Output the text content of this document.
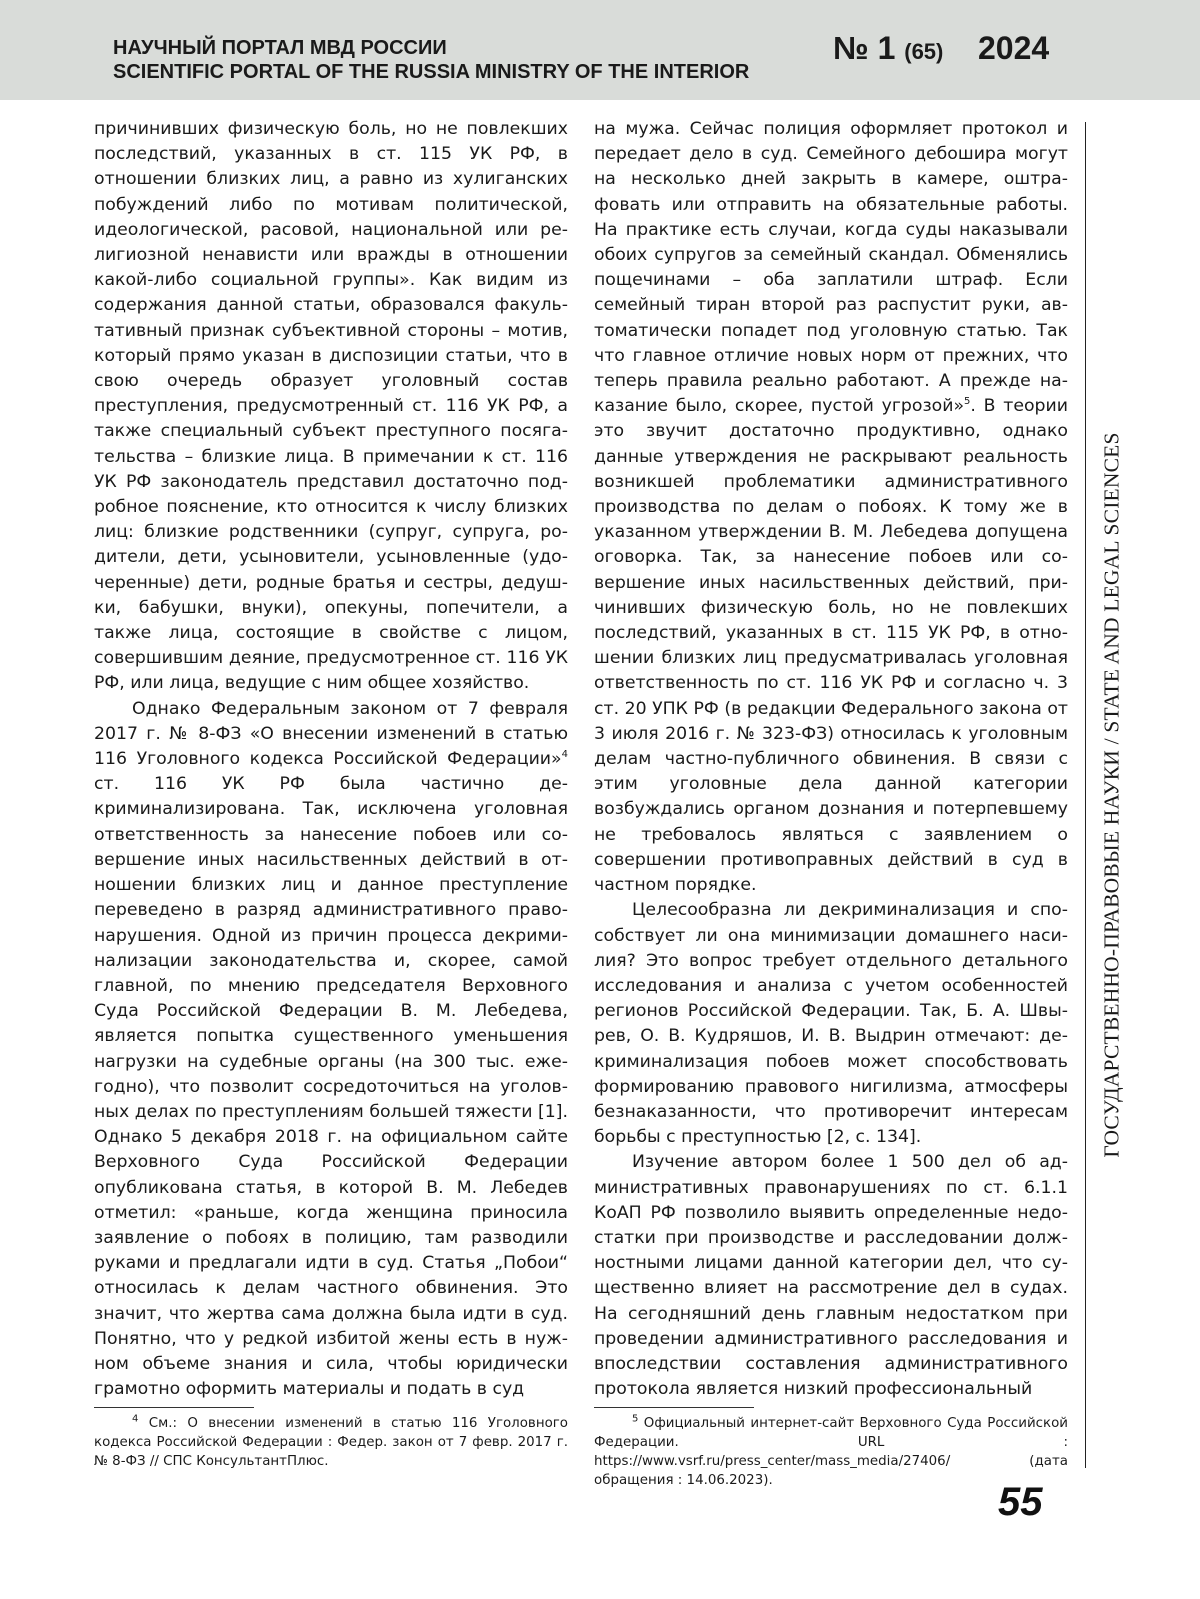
НАУЧНЫЙ ПОРТАЛ МВД РОССИИ
SCIENTIFIC PORTAL OF THE RUSSIA MINISTRY OF THE INTERIOR
№ 1 (65) 2024

причинивших физическую боль, но не повлекших последствий, указанных в ст. 115 УК РФ, в отношении близких лиц, а равно из хулиганских побуждений либо по мотивам политической, идеологической, расовой, национальной или религиозной ненависти или вражды в отношении какой-либо социальной группы». Как видим из содержания данной статьи, образовался факультативный признак субъективной стороны – мотив, который прямо указан в диспозиции статьи, что в свою очередь образует уголовный состав преступления, предусмотренный ст. 116 УК РФ, а также специальный субъект преступного посягательства – близкие лица. В примечании к ст. 116 УК РФ законодатель представил достаточно подробное пояснение, кто относится к числу близких лиц: близкие родственники (супруг, супруга, родители, дети, усыновители, усыновленные (удочеренные) дети, родные братья и сестры, дедушки, бабушки, внуки), опекуны, попечители, а также лица, состоящие в свойстве с лицом, совершившим деяние, предусмотренное ст. 116 УК РФ, или лица, ведущие с ним общее хозяйство.

Однако Федеральным законом от 7 февраля 2017 г. № 8-ФЗ «О внесении изменений в статью 116 Уголовного кодекса Российской Федерации»$^4$ ст. 116 УК РФ была частично декриминализирована. Так, исключена уголовная ответственность за нанесение побоев или совершение иных насильственных действий в отношении близких лиц и данное преступление переведено в разряд административного правонарушения. Одной из причин процесса декриминализации законодательства и, скорее, самой главной, по мнению председателя Верховного Суда Российской Федерации В. М. Лебедева, является попытка существенного уменьшения нагрузки на судебные органы (на 300 тыс. ежегодно), что позволит сосредоточиться на уголовных делах по преступлениям большей тяжести [1]. Однако 5 декабря 2018 г. на официальном сайте Верховного Суда Российской Федерации опубликована статья, в которой В. М. Лебедев отметил: «раньше, когда женщина приносила заявление о побоях в полицию, там разводили руками и предлагали идти в суд. Статья „Побои“ относилась к делам частного обвинения. Это значит, что жертва сама должна была идти в суд. Понятно, что у редкой избитой жены есть в нужном объеме знания и сила, чтобы юридически грамотно оформить материалы и подать в суд

на мужа. Сейчас полиция оформляет протокол и передает дело в суд. Семейного дебошира могут на несколько дней закрыть в камере, оштрафовать или отправить на обязательные работы. На практике есть случаи, когда суды наказывали обоих супругов за семейный скандал. Обменялись пощечинами – оба заплатили штраф. Если семейный тиран второй раз распустит руки, автоматически попадет под уголовную статью. Так что главное отличие новых норм от прежних, что теперь правила реально работают. А прежде наказание было, скорее, пустой угрозой»$^5$. В теории это звучит достаточно продуктивно, однако данные утверждения не раскрывают реальность возникшей проблематики административного производства по делам о побоях. К тому же в указанном утверждении В. М. Лебедева допущена оговорка. Так, за нанесение побоев или совершение иных насильственных действий, причинивших физическую боль, но не повлекших последствий, указанных в ст. 115 УК РФ, в отношении близких лиц предусматривалась уголовная ответственность по ст. 116 УК РФ и согласно ч. 3 ст. 20 УПК РФ (в редакции Федерального закона от 3 июля 2016 г. № 323-ФЗ) относилась к уголовным делам частно-публичного обвинения. В связи с этим уголовные дела данной категории возбуждались органом дознания и потерпевшему не требовалось являться с заявлением о совершении противоправных действий в суд в частном порядке.

Целесообразна ли декриминализация и способствует ли она минимизации домашнего насилия? Это вопрос требует отдельного детального исследования и анализа с учетом особенностей регионов Российской Федерации. Так, Б. А. Швырев, О. В. Кудряшов, И. В. Выдрин отмечают: декриминализация побоев может способствовать формированию правового нигилизма, атмосферы безнаказанности, что противоречит интересам борьбы с преступностью [2, с. 134].

Изучение автором более 1 500 дел об административных правонарушениях по ст. 6.1.1 КоАП РФ позволило выявить определенные недостатки при производстве и расследовании должностными лицами данной категории дел, что существенно влияет на рассмотрение дел в судах. На сегодняшний день главным недостатком при проведении административного расследования и впоследствии составления административного протокола является низкий профессиональный

$^4$ См.: О внесении изменений в статью 116 Уголовного кодекса Российской Федерации : Федер. закон от 7 февр. 2017 г. № 8-ФЗ // СПС КонсультантПлюс.

$^5$ Официальный интернет-сайт Верховного Суда Российской Федерации. URL : https://www.vsrf.ru/press_center/mass_media/27406/ (дата обращения : 14.06.2023).

ГОСУДАРСТВЕННО-ПРАВОВЫЕ НАУКИ / STATE AND LEGAL SCIENCES
55
